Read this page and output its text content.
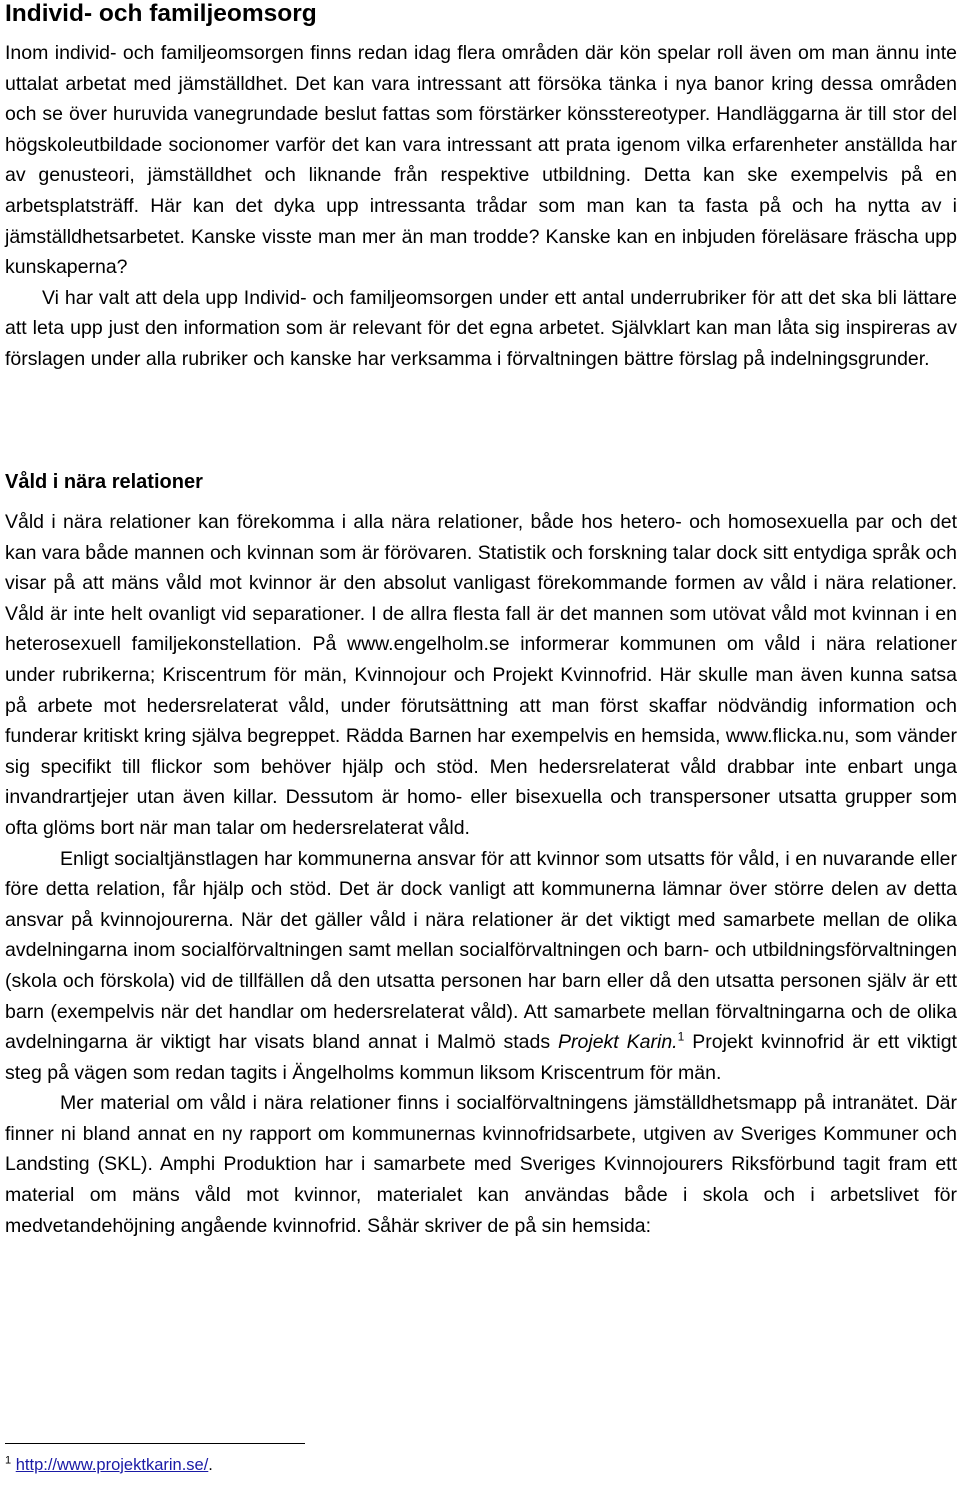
Individ- och familjeomsorg

Inom individ- och familjeomsorgen finns redan idag flera områden där kön spelar roll även om man ännu inte uttalat arbetat med jämställdhet. Det kan vara intressant att försöka tänka i nya banor kring dessa områden och se över huruvida vanegrundade beslut fattas som förstärker könsstereotyper. Handläggarna är till stor del högskoleutbildade socionomer varför det kan vara intressant att prata igenom vilka erfarenheter anställda har av genusteori, jämställdhet och liknande från respektive utbildning. Detta kan ske exempelvis på en arbetsplatsträff. Här kan det dyka upp intressanta trådar som man kan ta fasta på och ha nytta av i jämställdhetsarbetet. Kanske visste man mer än man trodde? Kanske kan en inbjuden föreläsare fräscha upp kunskaperna?

Vi har valt att dela upp Individ- och familjeomsorgen under ett antal underrubriker för att det ska bli lättare att leta upp just den information som är relevant för det egna arbetet. Självklart kan man låta sig inspireras av förslagen under alla rubriker och kanske har verksamma i förvaltningen bättre förslag på indelningsgrunder.

Våld i nära relationer

Våld i nära relationer kan förekomma i alla nära relationer, både hos hetero- och homosexuella par och det kan vara både mannen och kvinnan som är förövaren. Statistik och forskning talar dock sitt entydiga språk och visar på att mäns våld mot kvinnor är den absolut vanligast förekommande formen av våld i nära relationer. Våld är inte helt ovanligt vid separationer. I de allra flesta fall är det mannen som utövat våld mot kvinnan i en heterosexuell familjekonstellation. På www.engelholm.se informerar kommunen om våld i nära relationer under rubrikerna; Kriscentrum för män, Kvinnojour och Projekt Kvinnofrid. Här skulle man även kunna satsa på arbete mot hedersrelaterat våld, under förutsättning att man först skaffar nödvändig information och funderar kritiskt kring själva begreppet. Rädda Barnen har exempelvis en hemsida, www.flicka.nu, som vänder sig specifikt till flickor som behöver hjälp och stöd. Men hedersrelaterat våld drabbar inte enbart unga invandrartjejer utan även killar. Dessutom är homo- eller bisexuella och transpersoner utsatta grupper som ofta glöms bort när man talar om hedersrelaterat våld.

Enligt socialtjänstlagen har kommunerna ansvar för att kvinnor som utsatts för våld, i en nuvarande eller före detta relation, får hjälp och stöd. Det är dock vanligt att kommunerna lämnar över större delen av detta ansvar på kvinnojourerna. När det gäller våld i nära relationer är det viktigt med samarbete mellan de olika avdelningarna inom socialförvaltningen samt mellan socialförvaltningen och barn- och utbildningsförvaltningen (skola och förskola) vid de tillfällen då den utsatta personen har barn eller då den utsatta personen själv är ett barn (exempelvis när det handlar om hedersrelaterat våld). Att samarbete mellan förvaltningarna och de olika avdelningarna är viktigt har visats bland annat i Malmö stads Projekt Karin.$^1$ Projekt kvinnofrid är ett viktigt steg på vägen som redan tagits i Ängelholms kommun liksom Kriscentrum för män.

Mer material om våld i nära relationer finns i socialförvaltningens jämställdhetsmapp på intranätet. Där finner ni bland annat en ny rapport om kommunernas kvinnofridsarbete, utgiven av Sveriges Kommuner och Landsting (SKL). Amphi Produktion har i samarbete med Sveriges Kvinnojourers Riksförbund tagit fram ett material om mäns våld mot kvinnor, materialet kan användas både i skola och i arbetslivet för medvetandehöjning angående kvinnofrid. Såhär skriver de på sin hemsida:

$^1$ http://www.projektkarin.se/.
